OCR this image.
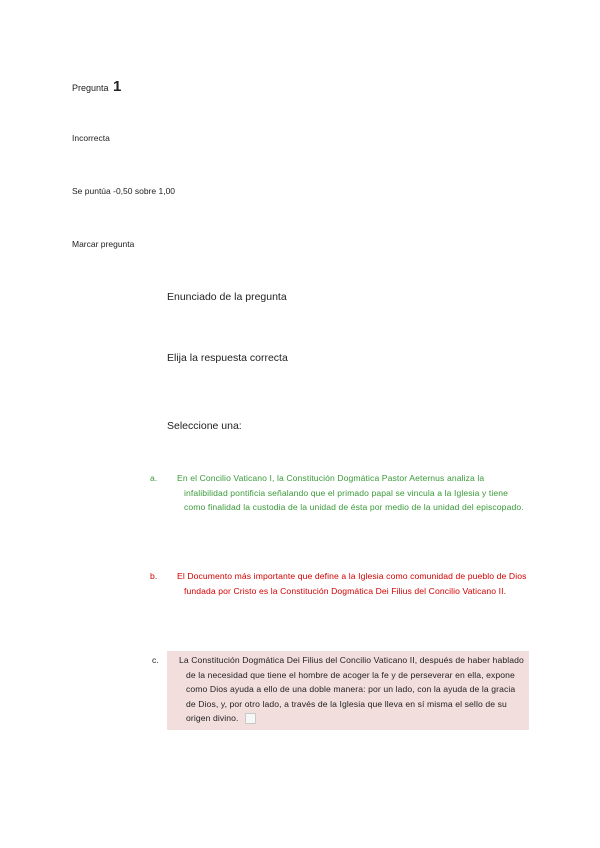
Pregunta 1
Incorrecta
Se puntúa -0,50 sobre 1,00
Marcar pregunta
Enunciado de la pregunta
Elija la respuesta correcta
Seleccione una:
a. En el Concilio Vaticano I, la Constitución Dogmática Pastor Aeternus analiza la infalibilidad pontificia señalando que el primado papal se vincula a la Iglesia y tiene como finalidad la custodia de la unidad de ésta por medio de la unidad del episcopado.
b. El Documento más importante que define a la Iglesia como comunidad de pueblo de Dios fundada por Cristo es la Constitución Dogmática Dei Filius del Concilio Vaticano II.
c. La Constitución Dogmática Dei Filius del Concilio Vaticano II, después de haber hablado de la necesidad que tiene el hombre de acoger la fe y de perseverar en ella, expone como Dios ayuda a ello de una doble manera: por un lado, con la ayuda de la gracia de Dios, y, por otro lado, a través de la Iglesia que lleva en sí misma el sello de su origen divino.
